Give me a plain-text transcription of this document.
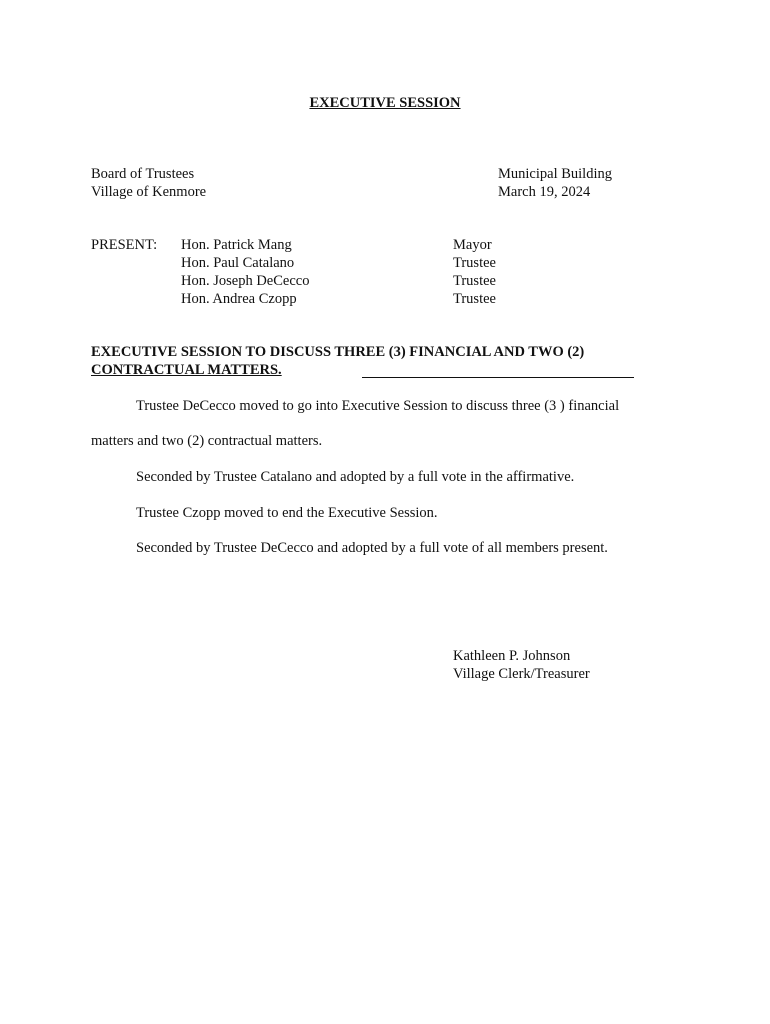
EXECUTIVE SESSION
Board of Trustees
Village of Kenmore
Municipal Building
March 19, 2024
PRESENT: Hon. Patrick Mang
Hon. Paul Catalano
Hon. Joseph DeCecco
Hon. Andrea Czopp
Mayor
Trustee
Trustee
Trustee
EXECUTIVE SESSION TO DISCUSS THREE (3) FINANCIAL AND TWO (2)
CONTRACTUAL MATTERS.
Trustee DeCecco moved to go into Executive Session to discuss three (3 ) financial
matters and two (2) contractual matters.
Seconded by Trustee Catalano and adopted by a full vote in the affirmative.
Trustee Czopp moved to end the Executive Session.
Seconded by Trustee DeCecco and adopted by a full vote of all members present.
Kathleen P. Johnson
Village Clerk/Treasurer
